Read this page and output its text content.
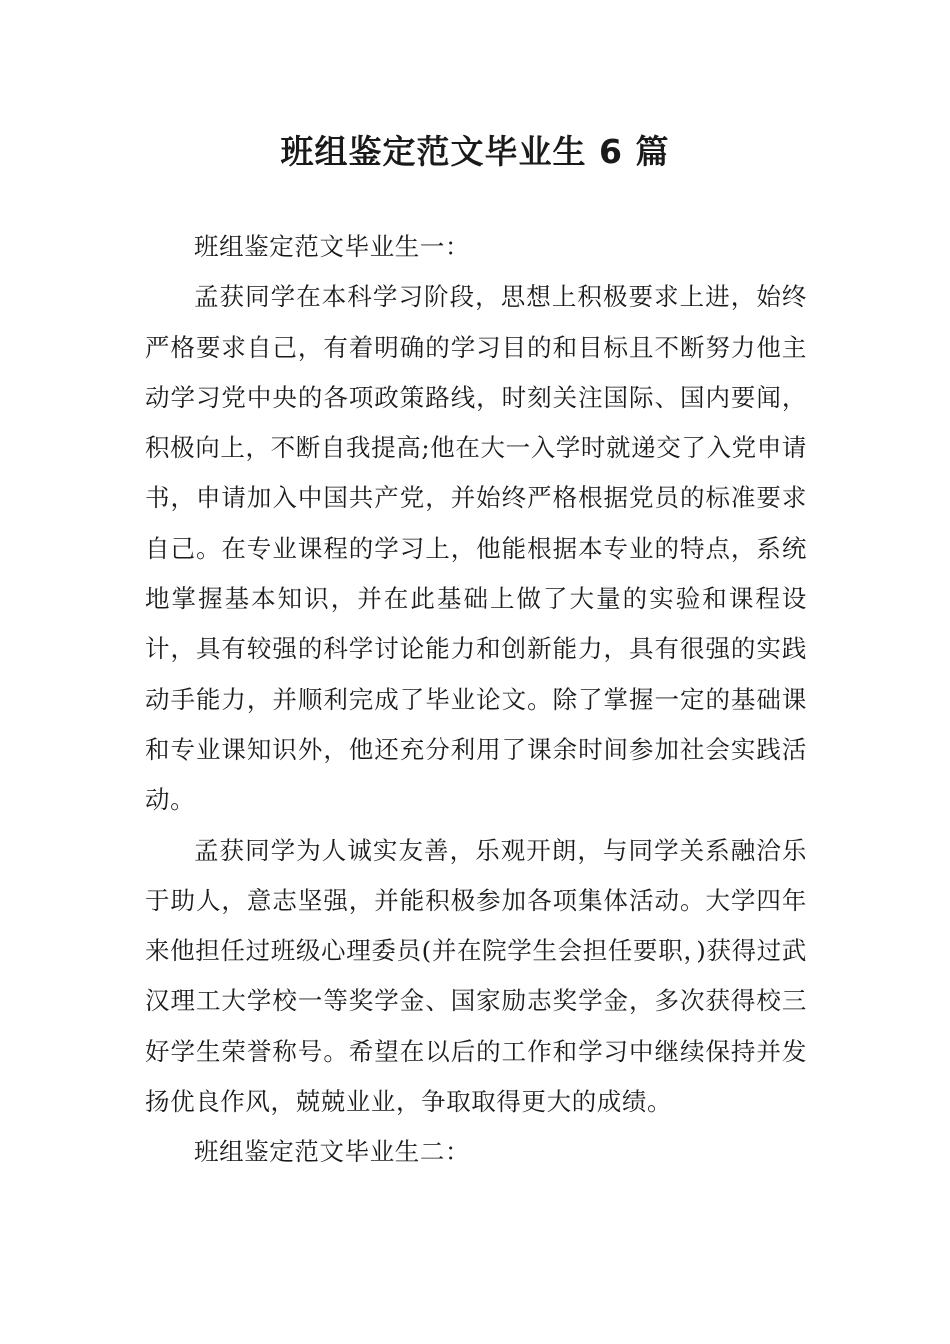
班组鉴定范文毕业生 6 篇

班组鉴定范文毕业生一：

孟获同学在本科学习阶段，思想上积极要求上进，始终严格要求自己，有着明确的学习目的和目标且不断努力他主动学习党中央的各项政策路线，时刻关注国际、国内要闻，积极向上，不断自我提高;他在大一入学时就递交了入党申请书，申请加入中国共产党，并始终严格根据党员的标准要求自己。在专业课程的学习上，他能根据本专业的特点，系统地掌握基本知识，并在此基础上做了大量的实验和课程设计，具有较强的科学讨论能力和创新能力，具有很强的实践动手能力，并顺利完成了毕业论文。除了掌握一定的基础课和专业课知识外，他还充分利用了课余时间参加社会实践活动。

孟获同学为人诚实友善，乐观开朗，与同学关系融洽乐于助人，意志坚强，并能积极参加各项集体活动。大学四年来他担任过班级心理委员(并在院学生会担任要职，)获得过武汉理工大学校一等奖学金、国家励志奖学金，多次获得校三好学生荣誉称号。希望在以后的工作和学习中继续保持并发扬优良作风，兢兢业业，争取取得更大的成绩。

班组鉴定范文毕业生二：
